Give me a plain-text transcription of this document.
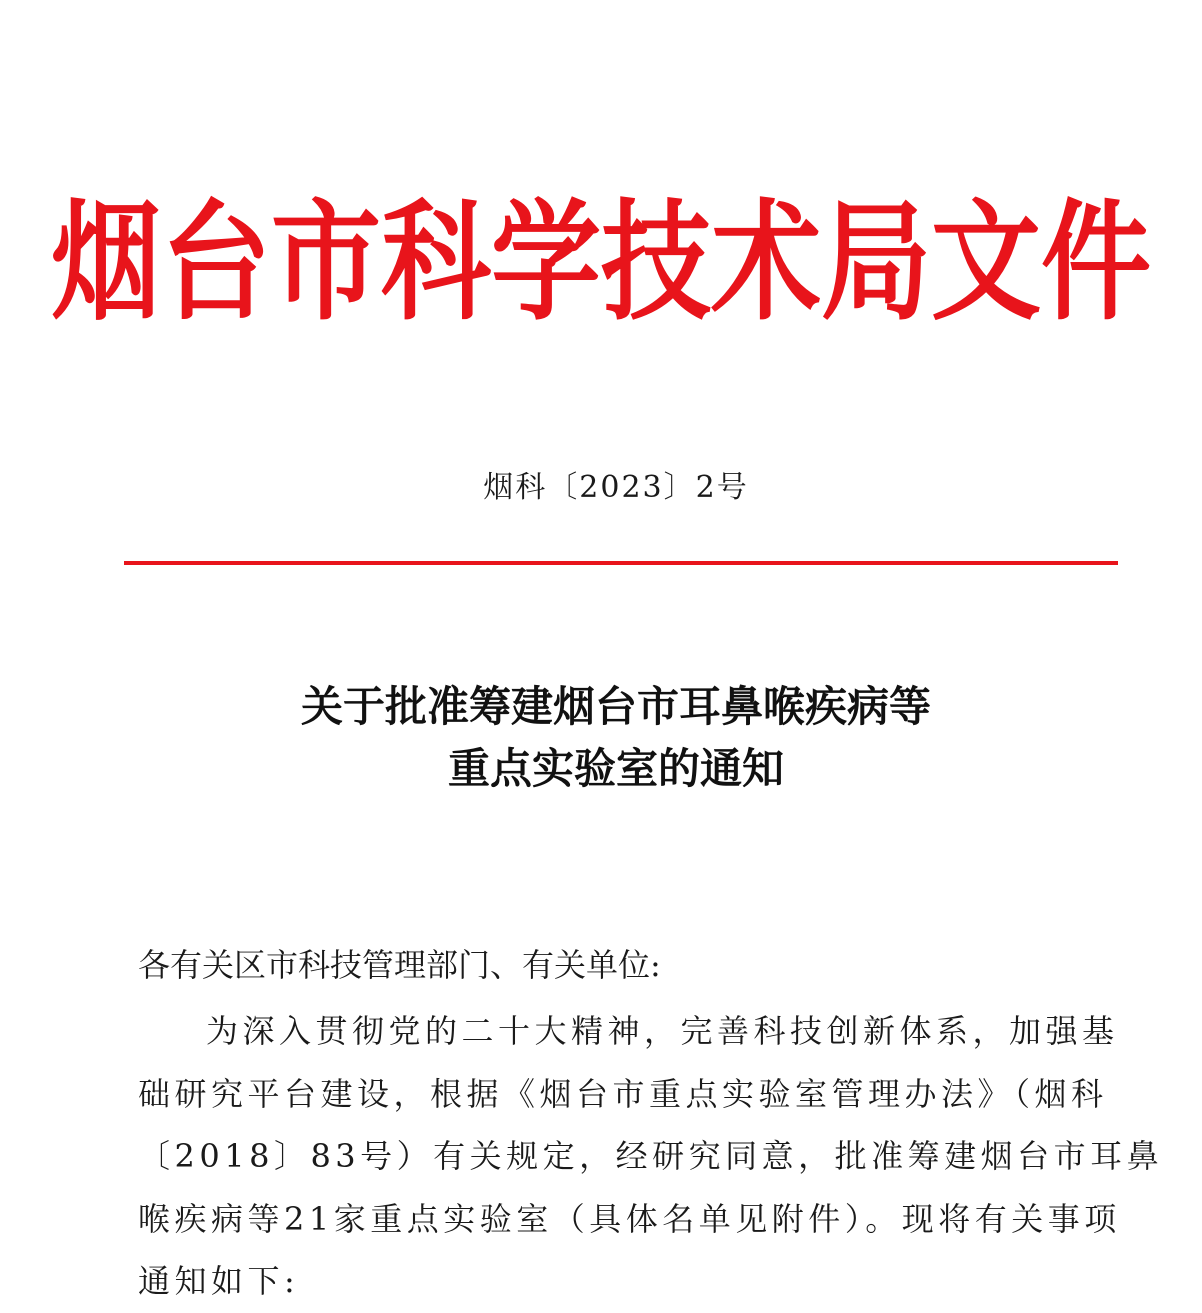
烟台市科学技术局文件
烟科〔2023〕2号
关于批准筹建烟台市耳鼻喉疾病等
重点实验室的通知
各有关区市科技管理部门、有关单位:
为深入贯彻党的二十大精神，完善科技创新体系，加强基
础研究平台建设，根据《烟台市重点实验室管理办法》（烟科
〔2018〕83号）有关规定，经研究同意，批准筹建烟台市耳鼻
喉疾病等21家重点实验室（具体名单见附件）。现将有关事项
通知如下:
